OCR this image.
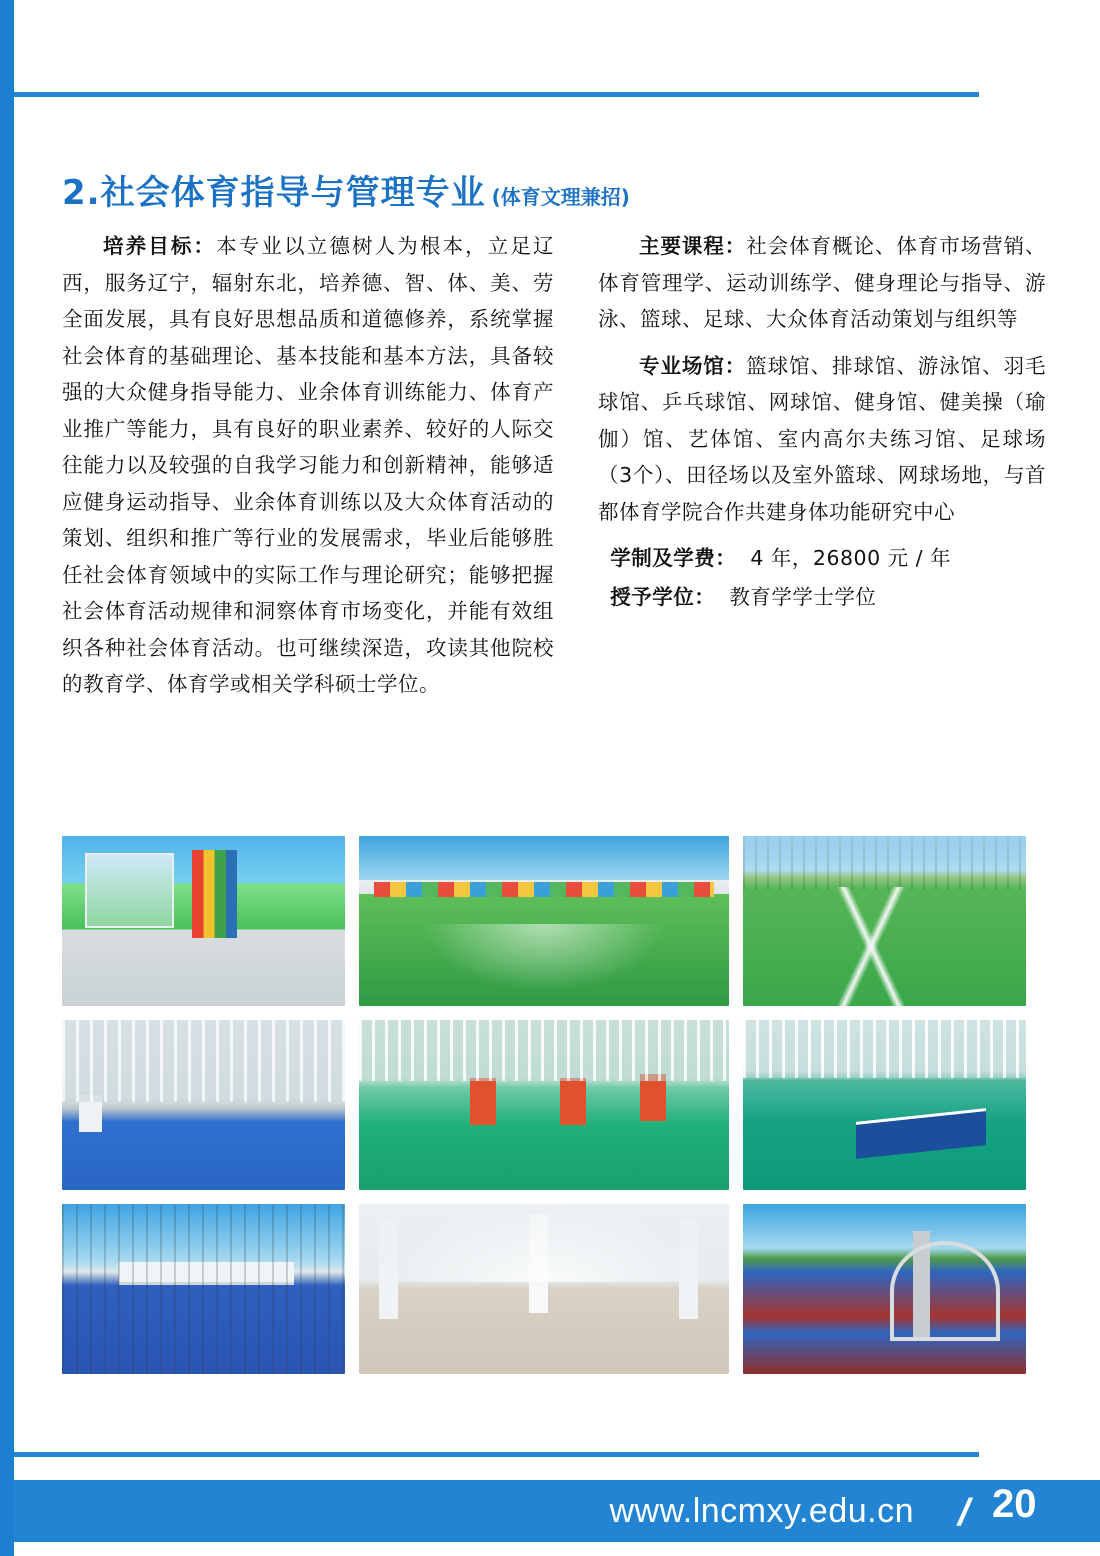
2.社会体育指导与管理专业 (体育文理兼招)

培养目标：本专业以立德树人为根本，立足辽西，服务辽宁，辐射东北，培养德、智、体、美、劳全面发展，具有良好思想品质和道德修养，系统掌握社会体育的基础理论、基本技能和基本方法，具备较强的大众健身指导能力、业余体育训练能力、体育产业推广等能力，具有良好的职业素养、较好的人际交往能力以及较强的自我学习能力和创新精神，能够适应健身运动指导、业余体育训练以及大众体育活动的策划、组织和推广等行业的发展需求，毕业后能够胜任社会体育领域中的实际工作与理论研究；能够把握社会体育活动规律和洞察体育市场变化，并能有效组织各种社会体育活动。也可继续深造，攻读其他院校的教育学、体育学或相关学科硕士学位。

主要课程：社会体育概论、体育市场营销、体育管理学、运动训练学、健身理论与指导、游泳、篮球、足球、大众体育活动策划与组织等

专业场馆：篮球馆、排球馆、游泳馆、羽毛球馆、乒乓球馆、网球馆、健身馆、健美操（瑜伽）馆、艺体馆、室内高尔夫练习馆、足球场（3个）、田径场以及室外篮球、网球场地，与首都体育学院合作共建身体功能研究中心

学制及学费： 4 年，26800 元 / 年

授予学位： 教育学学士学位

www.lncmxy.edu.cn / 20
